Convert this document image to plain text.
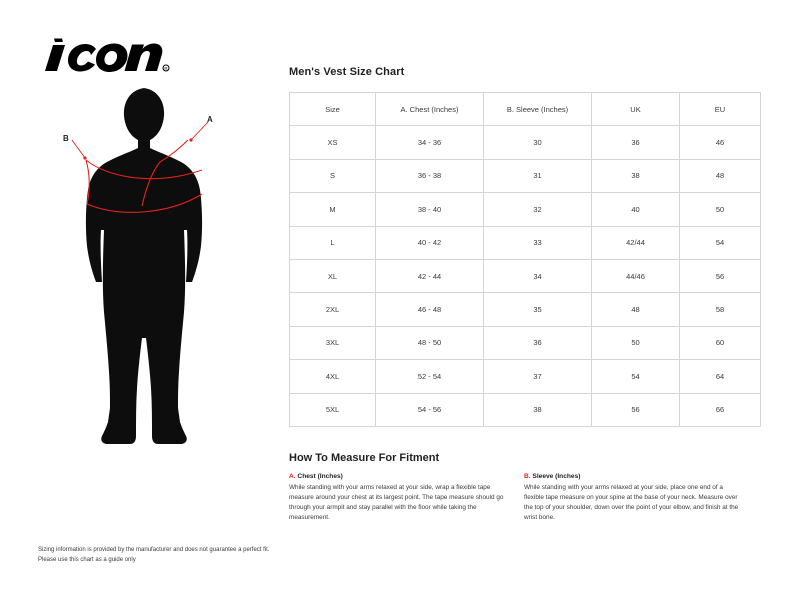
R
A
B
Men's Vest Size Chart
Size	A. Chest (Inches)	B. Sleeve (Inches)	UK	EU
XS	34 - 36	30	36	46
S	36 - 38	31	38	48
M	38 - 40	32	40	50
L	40 - 42	33	42/44	54
XL	42 - 44	34	44/46	56
2XL	46 - 48	35	48	58
3XL	48 - 50	36	50	60
4XL	52 - 54	37	54	64
5XL	54 - 56	38	56	66
How To Measure For Fitment
A. Chest (Inches)

While standing with your arms relaxed at your side, wrap a flexible tape measure around your chest at its largest point. The tape measure should go through your armpit and stay parallel with the floor while taking the measurement.

B. Sleeve (Inches)

While standing with your arms relaxed at your side, place one end of a flexible tape measure on your spine at the base of your neck. Measure over the top of your shoulder, down over the point of your elbow, and finish at the wrist bone.

Sizing information is provided by the manufacturer and does not guarantee a perfect fit.
Please use this chart as a guide only
